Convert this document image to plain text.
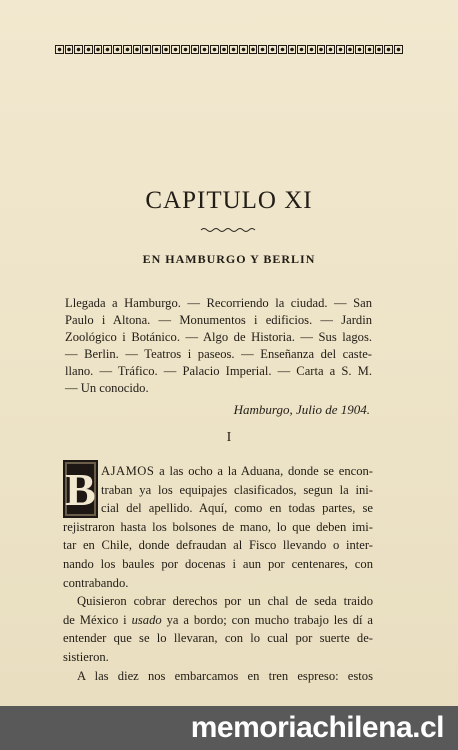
CAPITULO XI
EN HAMBURGO Y BERLIN
Llegada a Hamburgo. — Recorriendo la ciudad. — San
Paulo i Altona. — Monumentos i edificios. — Jardin
Zoológico i Botánico. — Algo de Historia. — Sus lagos.
— Berlin. — Teatros i paseos. — Enseñanza del caste-
llano. — Tráfico. — Palacio Imperial. — Carta a S. M.
— Un conocido.
Hamburgo, Julio de 1904.
I
B AJAMOS a las ocho a la Aduana, donde se encon-
traban ya los equipajes clasificados, segun la ini-
cial del apellido. Aquí, como en todas partes, se
rejistraron hasta los bolsones de mano, lo que deben imi-
tar en Chile, donde defraudan al Fisco llevando o inter-
nando los baules por docenas i aun por centenares, con
contrabando.
Quisieron cobrar derechos por un chal de seda traido
de México i usado ya a bordo; con mucho trabajo les dí a
entender que se lo llevaran, con lo cual por suerte de-
sistieron.
A las diez nos embarcamos en tren espreso: estos
memoriachilena.cl
